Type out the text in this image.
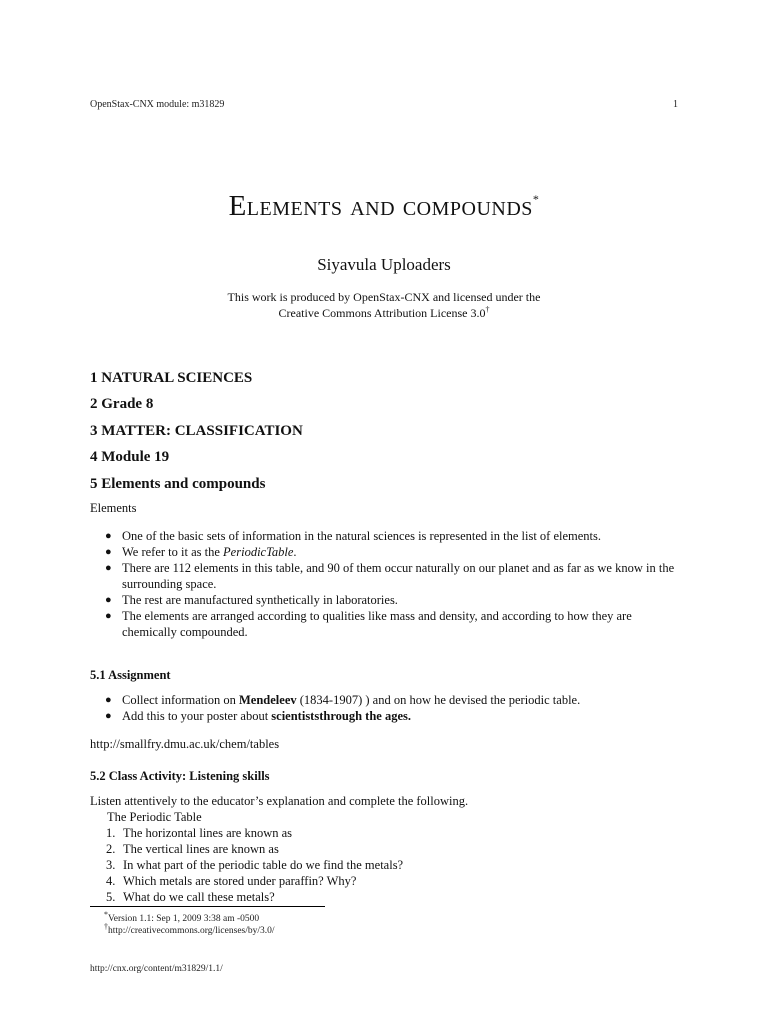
OpenStax-CNX module: m31829	1
Elements and compounds*
Siyavula Uploaders
This work is produced by OpenStax-CNX and licensed under the
Creative Commons Attribution License 3.0†
1 NATURAL SCIENCES
2 Grade 8
3 MATTER: CLASSIFICATION
4 Module 19
5 Elements and compounds
Elements
● One of the basic sets of information in the natural sciences is represented in the list of elements.
● We refer to it as the PeriodicTable.
● There are 112 elements in this table, and 90 of them occur naturally on our planet and as far as we know in the surrounding space.
● The rest are manufactured synthetically in laboratories.
● The elements are arranged according to qualities like mass and density, and according to how they are chemically compounded.
5.1 Assignment
● Collect information on Mendeleev (1834-1907) ) and on how he devised the periodic table.
● Add this to your poster about scientiststhrough the ages.
http://smallfry.dmu.ac.uk/chem/tables
5.2 Class Activity: Listening skills
Listen attentively to the educator’s explanation and complete the following.
The Periodic Table
1. The horizontal lines are known as
2. The vertical lines are known as
3. In what part of the periodic table do we find the metals?
4. Which metals are stored under paraffin? Why?
5. What do we call these metals?
*Version 1.1: Sep 1, 2009 3:38 am -0500
†http://creativecommons.org/licenses/by/3.0/
http://cnx.org/content/m31829/1.1/
